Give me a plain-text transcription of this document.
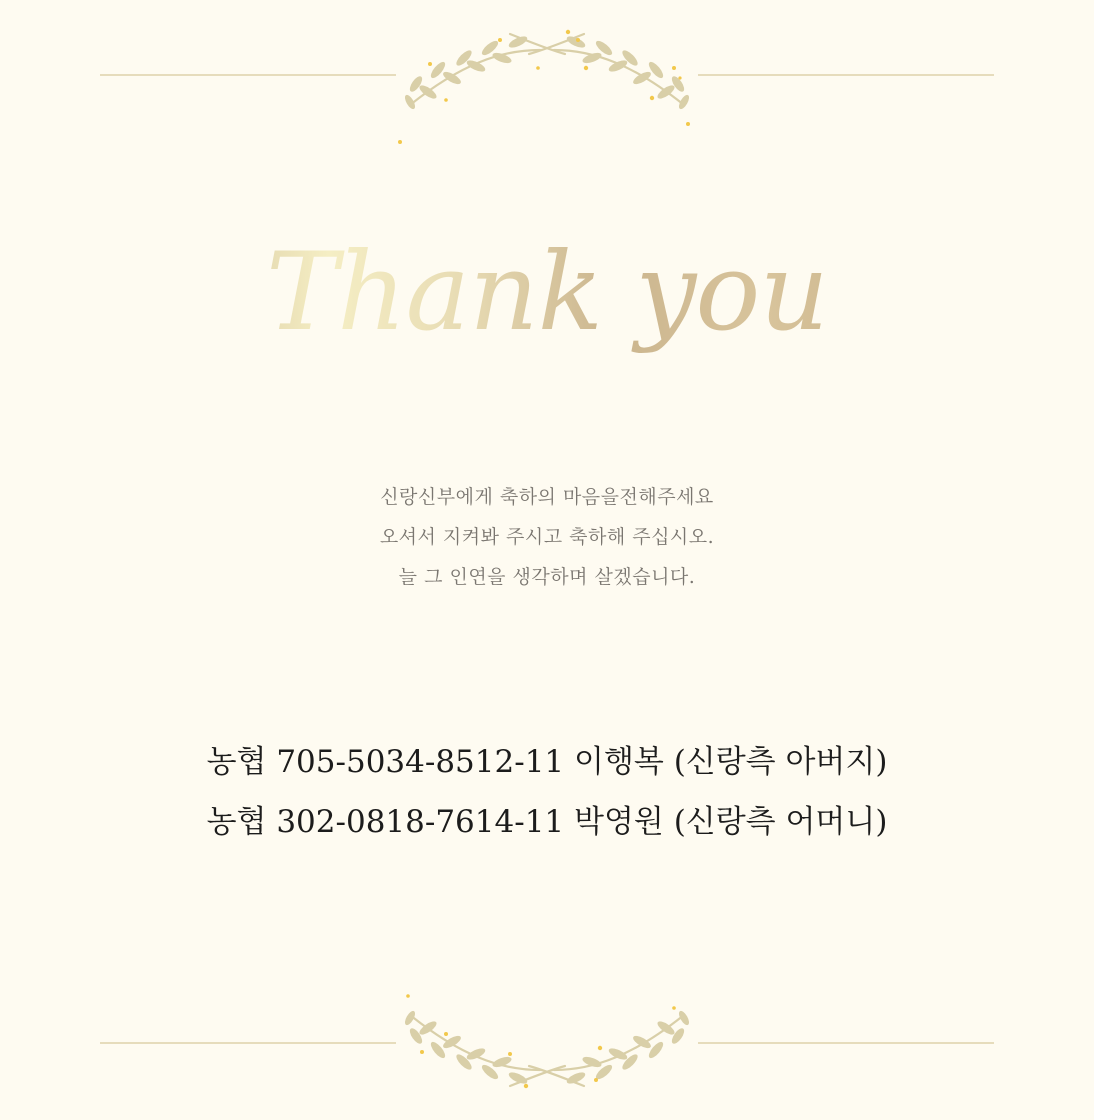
Thank you
신랑신부에게 축하의 마음을전해주세요
오셔서 지켜봐 주시고 축하해 주십시오.
늘 그 인연을 생각하며 살겠습니다.
농협 705-5034-8512-11 이행복 (신랑측 아버지)
농협 302-0818-7614-11 박영원 (신랑측 어머니)
